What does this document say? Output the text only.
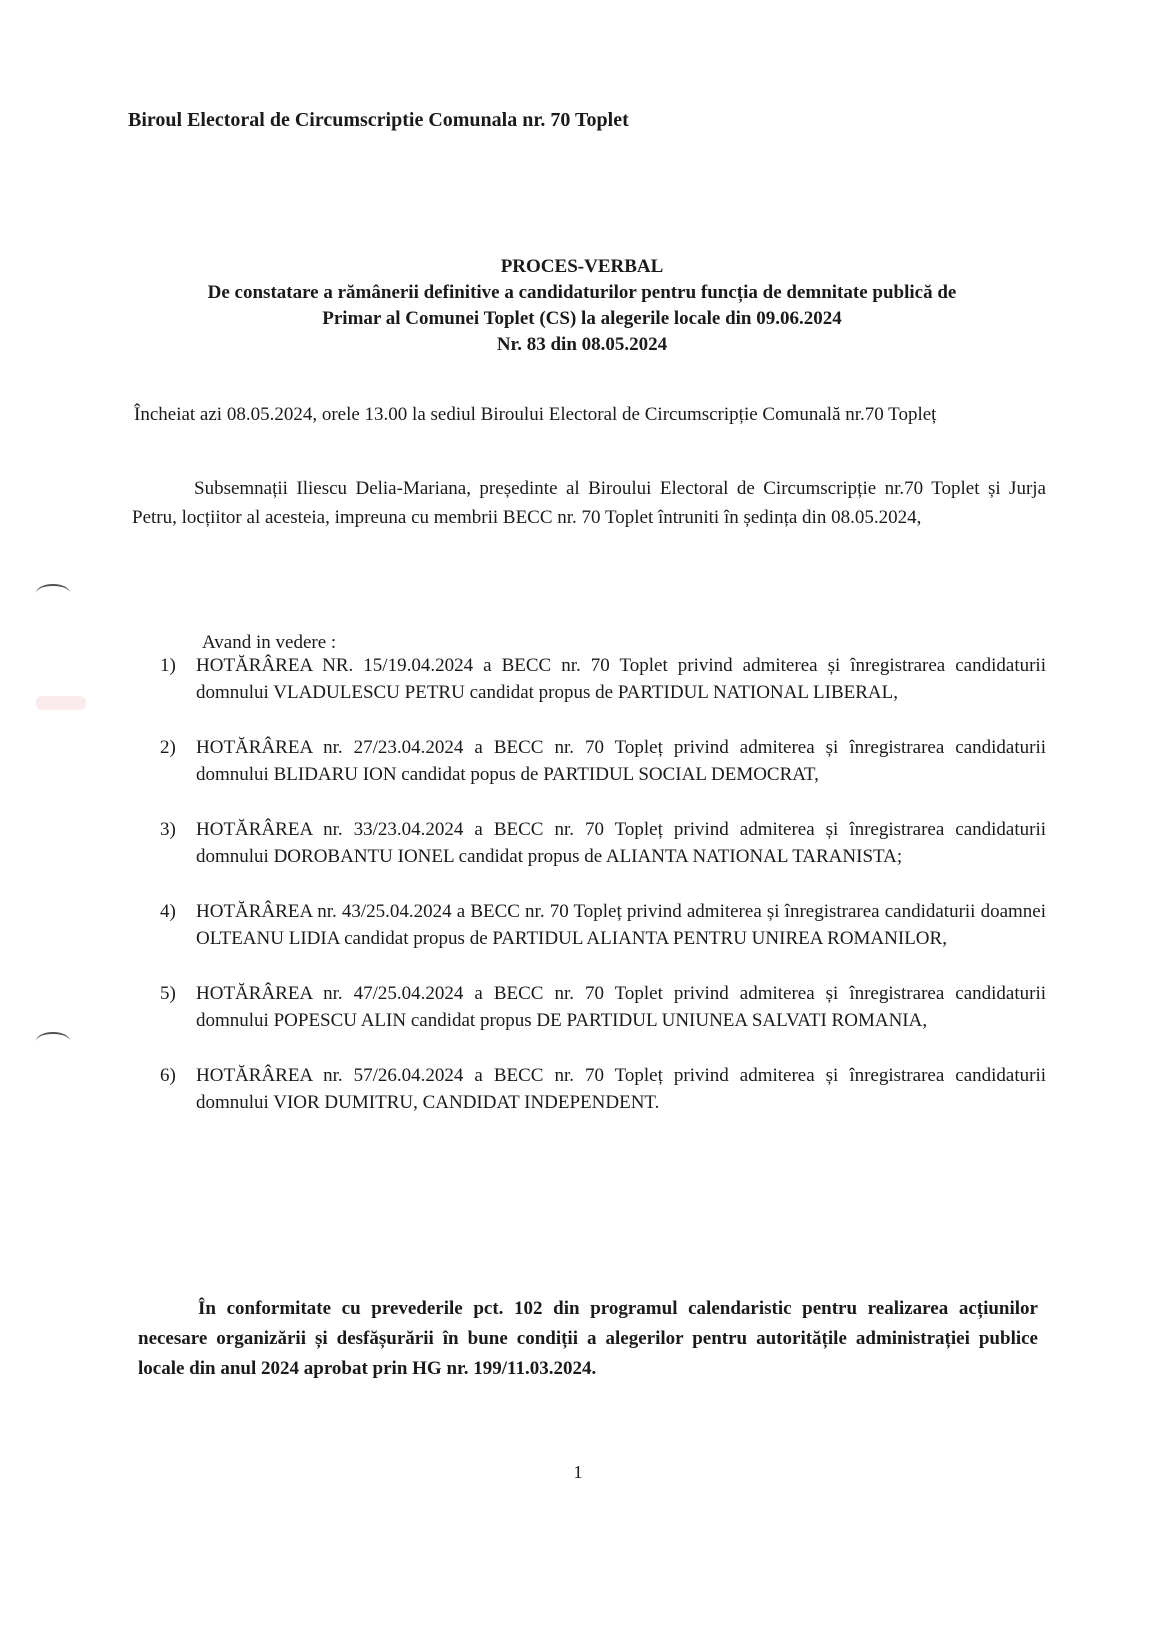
Biroul Electoral de Circumscriptie Comunala nr. 70 Toplet
PROCES-VERBAL
De constatare a rămânerii definitive a candidaturilor pentru funcția de demnitate publică de
Primar al Comunei Toplet (CS) la alegerile locale din 09.06.2024
Nr. 83 din 08.05.2024
Încheiat azi 08.05.2024, orele 13.00 la sediul Biroului Electoral de Circumscripție Comunală nr.70 Topleț
Subsemnații Iliescu Delia-Mariana, președinte al Biroului Electoral de Circumscripție nr.70 Toplet și Jurja Petru, locțiitor al acesteia, impreuna cu membrii BECC nr. 70 Toplet întruniti în ședința din 08.05.2024,
Avand in vedere :
1) HOTĂRÂREA NR. 15/19.04.2024 a BECC nr. 70 Toplet privind admiterea și înregistrarea candidaturii domnului VLADULESCU PETRU candidat propus de PARTIDUL NATIONAL LIBERAL,
2) HOTĂRÂREA nr. 27/23.04.2024 a BECC nr. 70 Topleț privind admiterea și înregistrarea candidaturii domnului BLIDARU ION candidat popus de PARTIDUL SOCIAL DEMOCRAT,
3) HOTĂRÂREA nr. 33/23.04.2024 a BECC nr. 70 Topleț privind admiterea și înregistrarea candidaturii domnului DOROBANTU IONEL candidat propus de ALIANTA NATIONAL TARANISTA;
4) HOTĂRÂREA nr. 43/25.04.2024 a BECC nr. 70 Topleț privind admiterea și înregistrarea candidaturii doamnei OLTEANU LIDIA candidat propus de PARTIDUL ALIANTA PENTRU UNIREA ROMANILOR,
5) HOTĂRÂREA nr. 47/25.04.2024 a BECC nr. 70 Toplet privind admiterea și înregistrarea candidaturii domnului POPESCU ALIN candidat propus DE PARTIDUL UNIUNEA SALVATI ROMANIA,
6) HOTĂRÂREA nr. 57/26.04.2024 a BECC nr. 70 Topleț privind admiterea și înregistrarea candidaturii domnului VIOR DUMITRU, CANDIDAT INDEPENDENT.
În conformitate cu prevederile pct. 102 din programul calendaristic pentru realizarea acțiunilor necesare organizării și desfășurării în bune condiții a alegerilor pentru autoritățile administrației publice locale din anul 2024 aprobat prin HG nr. 199/11.03.2024.
1
